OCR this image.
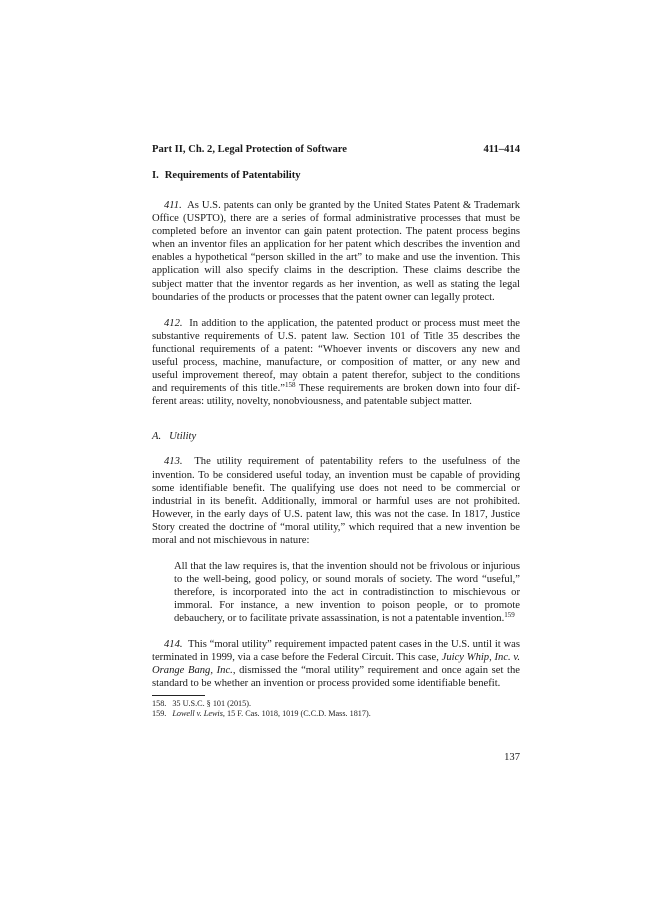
Part II, Ch. 2, Legal Protection of Software	411–414
I. Requirements of Patentability

411. As U.S. patents can only be granted by the United States Patent & Trademark Office (USPTO), there are a series of formal administrative processes that must be completed before an inventor can gain patent protection. The patent process begins when an inventor files an application for her patent which describes the invention and enables a hypothetical “person skilled in the art” to make and use the invention. This application will also specify claims in the description. These claims describe the subject matter that the inventor regards as her invention, as well as stating the legal boundaries of the products or processes that the patent owner can legally protect.

412. In addition to the application, the patented product or process must meet the substantive requirements of U.S. patent law. Section 101 of Title 35 describes the functional requirements of a patent: “Whoever invents or discovers any new and useful process, machine, manufacture, or composition of matter, or any new and useful improvement thereof, may obtain a patent therefor, subject to the conditions and requirements of this title.”$^{158}$ These requirements are broken down into four different areas: utility, novelty, nonobviousness, and patentable subject matter.

A. Utility

413. The utility requirement of patentability refers to the usefulness of the invention. To be considered useful today, an invention must be capable of providing some identifiable benefit. The qualifying use does not need to be commercial or industrial in its benefit. Additionally, immoral or harmful uses are not prohibited. However, in the early days of U.S. patent law, this was not the case. In 1817, Justice Story created the doctrine of “moral utility,” which required that a new invention be moral and not mischievous in nature:

All that the law requires is, that the invention should not be frivolous or injurious to the well-being, good policy, or sound morals of society. The word “useful,” therefore, is incorporated into the act in contradistinction to mischievous or immoral. For instance, a new invention to poison people, or to promote debauchery, or to facilitate private assassination, is not a patentable invention.$^{159}$

414. This “moral utility” requirement impacted patent cases in the U.S. until it was terminated in 1999, via a case before the Federal Circuit. This case, Juicy Whip, Inc. v. Orange Bang, Inc., dismissed the “moral utility” requirement and once again set the standard to be whether an invention or process provided some identifiable benefit.

158. 35 U.S.C. § 101 (2015).
159. Lowell v. Lewis, 15 F. Cas. 1018, 1019 (C.C.D. Mass. 1817).
137
